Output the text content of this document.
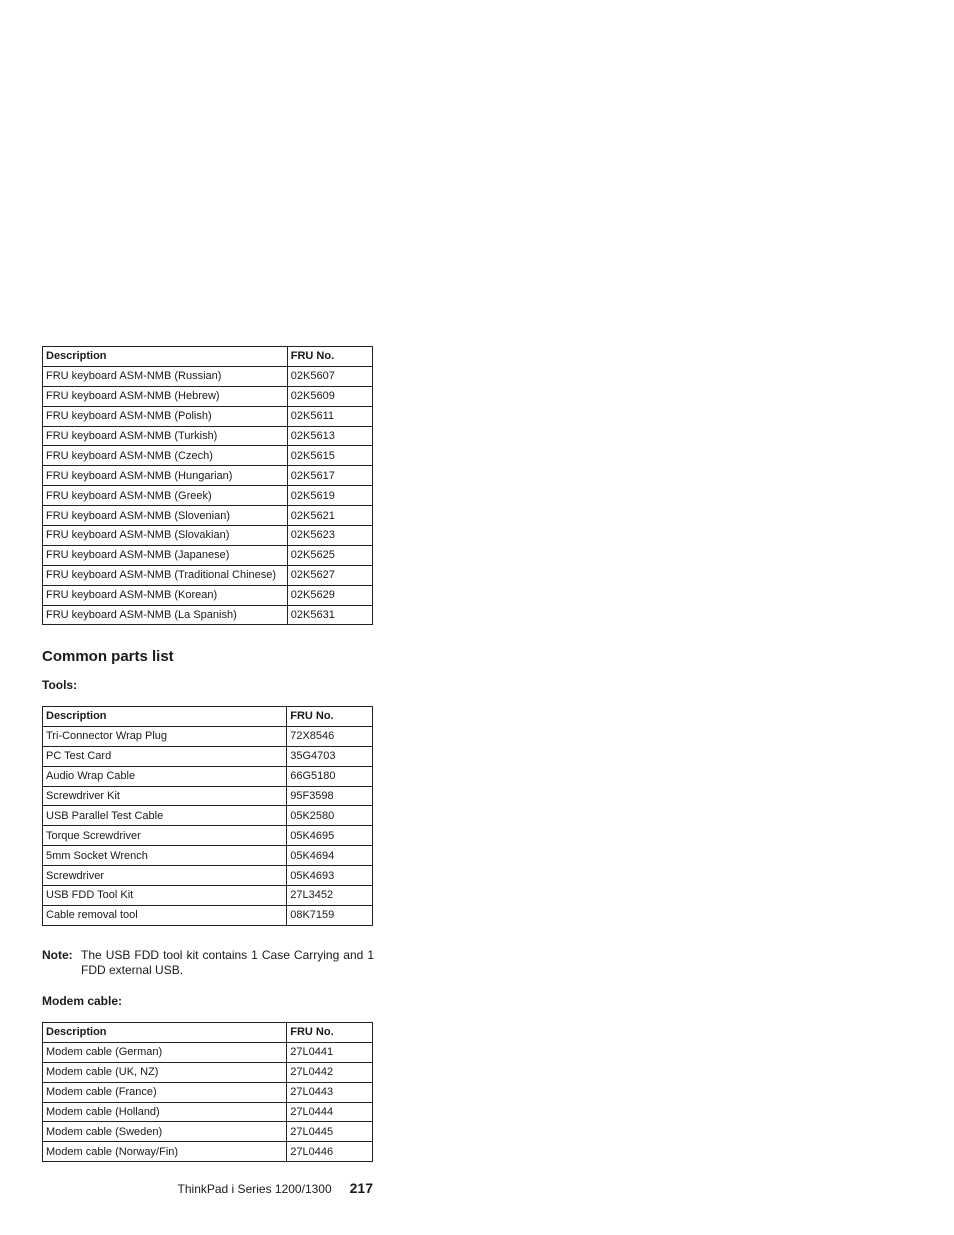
Description	FRU No.
FRU keyboard ASM-NMB (Russian)	02K5607
FRU keyboard ASM-NMB (Hebrew)	02K5609
FRU keyboard ASM-NMB (Polish)	02K5611
FRU keyboard ASM-NMB (Turkish)	02K5613
FRU keyboard ASM-NMB (Czech)	02K5615
FRU keyboard ASM-NMB (Hungarian)	02K5617
FRU keyboard ASM-NMB (Greek)	02K5619
FRU keyboard ASM-NMB (Slovenian)	02K5621
FRU keyboard ASM-NMB (Slovakian)	02K5623
FRU keyboard ASM-NMB (Japanese)	02K5625
FRU keyboard ASM-NMB (Traditional Chinese)	02K5627
FRU keyboard ASM-NMB (Korean)	02K5629
FRU keyboard ASM-NMB (La Spanish)	02K5631
Common parts list
Tools:
Description	FRU No.
Tri-Connector Wrap Plug	72X8546
PC Test Card	35G4703
Audio Wrap Cable	66G5180
Screwdriver Kit	95F3598
USB Parallel Test Cable	05K2580
Torque Screwdriver	05K4695
5mm Socket Wrench	05K4694
Screwdriver	05K4693
USB FDD Tool Kit	27L3452
Cable removal tool	08K7159
Note: The USB FDD tool kit contains 1 Case Carrying and 1 FDD external USB.
Modem cable:
Description	FRU No.
Modem cable (German)	27L0441
Modem cable (UK, NZ)	27L0442
Modem cable (France)	27L0443
Modem cable (Holland)	27L0444
Modem cable (Sweden)	27L0445
Modem cable (Norway/Fin)	27L0446
ThinkPad i Series 1200/1300 217
